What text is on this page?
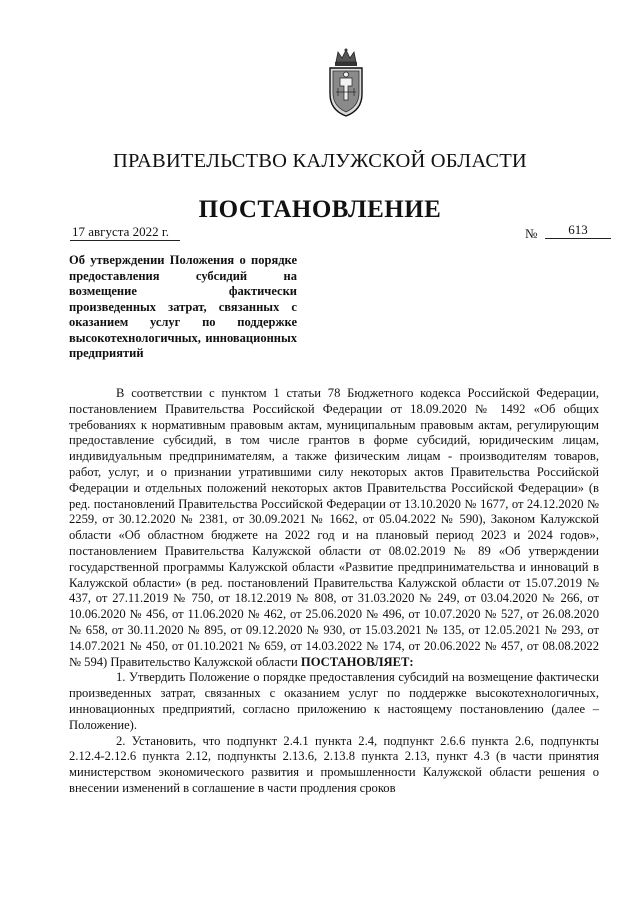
ПРАВИТЕЛЬСТВО КАЛУЖСКОЙ ОБЛАСТИ
ПОСТАНОВЛЕНИЕ
17 августа 2022 г.	№	613
Об утверждении Положения о порядке предоставления субсидий на возмещение фактически произведенных затрат, связанных с оказанием услуг по поддержке высокотехнологичных, инновационных предприятий

В соответствии с пунктом 1 статьи 78 Бюджетного кодекса Российской Федерации, постановлением Правительства Российской Федерации от 18.09.2020 № 1492 «Об общих требованиях к нормативным правовым актам, муниципальным правовым актам, регулирующим предоставление субсидий, в том числе грантов в форме субсидий, юридическим лицам, индивидуальным предпринимателям, а также физическим лицам - производителям товаров, работ, услуг, и о признании утратившими силу некоторых актов Правительства Российской Федерации и отдельных положений некоторых актов Правительства Российской Федерации» (в ред. постановлений Правительства Российской Федерации от 13.10.2020 № 1677, от 24.12.2020 № 2259, от 30.12.2020 № 2381, от 30.09.2021 № 1662, от 05.04.2022 № 590), Законом Калужской области «Об областном бюджете на 2022 год и на плановый период 2023 и 2024 годов», постановлением Правительства Калужской области от 08.02.2019 № 89 «Об утверждении государственной программы Калужской области «Развитие предпринимательства и инноваций в Калужской области» (в ред. постановлений Правительства Калужской области от 15.07.2019 № 437, от 27.11.2019 № 750, от 18.12.2019 № 808, от 31.03.2020 № 249, от 03.04.2020 № 266, от 10.06.2020 № 456, от 11.06.2020 № 462, от 25.06.2020 № 496, от 10.07.2020 № 527, от 26.08.2020 № 658, от 30.11.2020 № 895, от 09.12.2020 № 930, от 15.03.2021 № 135, от 12.05.2021 № 293, от 14.07.2021 № 450, от 01.10.2021 № 659, от 14.03.2022 № 174, от 20.06.2022 № 457, от 08.08.2022 № 594) Правительство Калужской области ПОСТАНОВЛЯЕТ:

1. Утвердить Положение о порядке предоставления субсидий на возмещение фактически произведенных затрат, связанных с оказанием услуг по поддержке высокотехнологичных, инновационных предприятий, согласно приложению к настоящему постановлению (далее – Положение).

2. Установить, что подпункт 2.4.1 пункта 2.4, подпункт 2.6.6 пункта 2.6, подпункты 2.12.4-2.12.6 пункта 2.12, подпункты 2.13.6, 2.13.8 пункта 2.13, пункт 4.3 (в части принятия министерством экономического развития и промышленности Калужской области решения о внесении изменений в соглашение в части продления сроков
